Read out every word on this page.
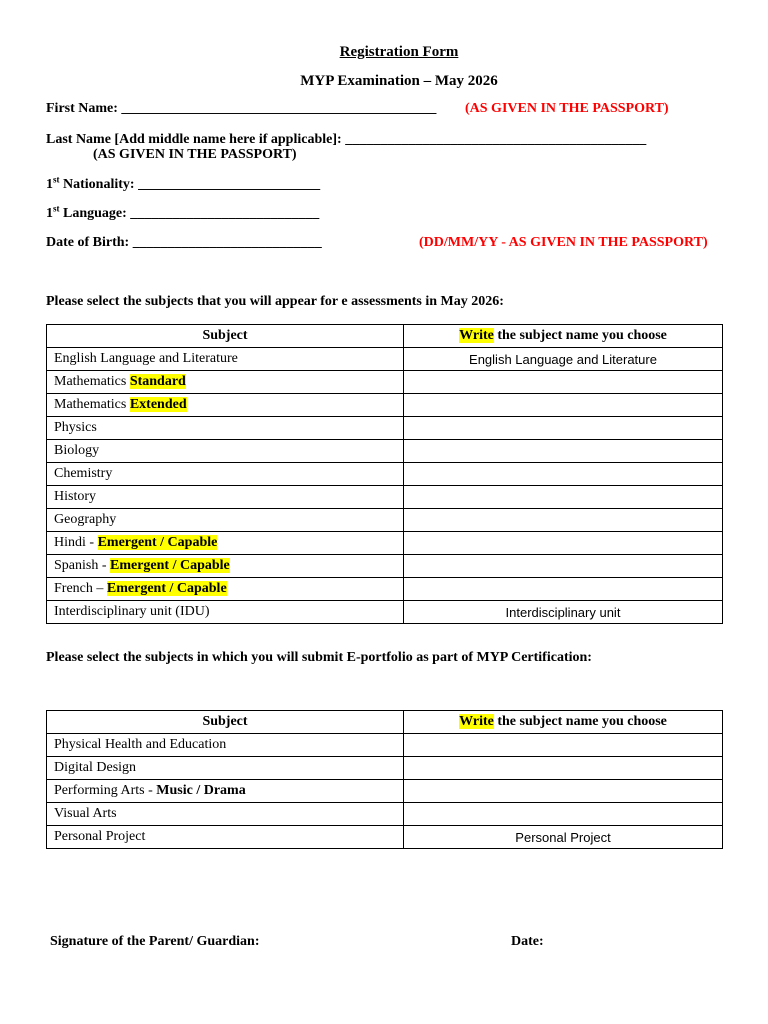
Registration Form
MYP Examination – May 2026
First Name: _____________________________________________ (AS GIVEN IN THE PASSPORT)
Last Name [Add middle name here if applicable]: ___________________________________________
(AS GIVEN IN THE PASSPORT)
1st Nationality: __________________________
1st Language: ___________________________
Date of Birth: ___________________________	(DD/MM/YY - AS GIVEN IN THE PASSPORT)
Please select the subjects that you will appear for e assessments in May 2026:
Subject	Write the subject name you choose
English Language and Literature	English Language and Literature
Mathematics Standard	
Mathematics Extended	
Physics	
Biology	
Chemistry	
History	
Geography	
Hindi - Emergent / Capable	
Spanish - Emergent / Capable	
French – Emergent / Capable	
Interdisciplinary unit (IDU)	Interdisciplinary unit
Please select the subjects in which you will submit E-portfolio as part of MYP Certification:
Subject	Write the subject name you choose
Physical Health and Education	
Digital Design	
Performing Arts - Music / Drama	
Visual Arts	
Personal Project	Personal Project
Signature of the Parent/ Guardian:	Date:
